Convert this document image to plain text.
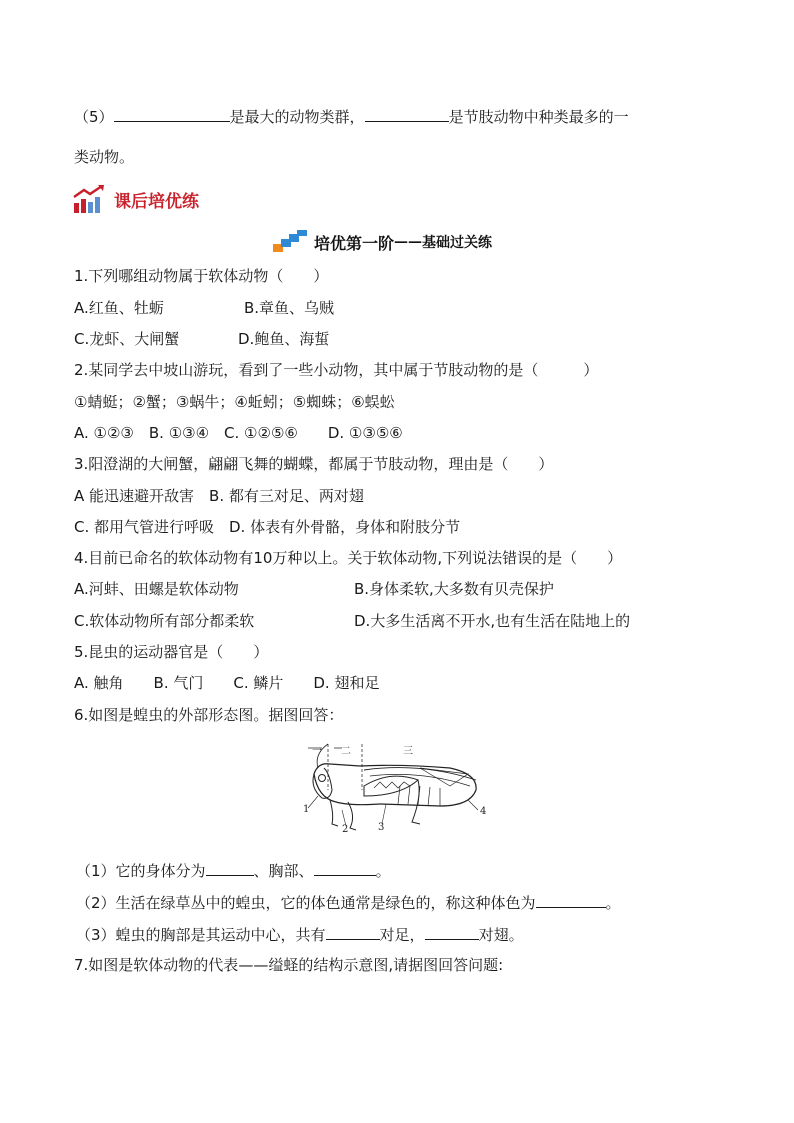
（5）	是最大的动物类群，	是节肢动物中种类最多的一
类动物。
课后培优练
培优第一阶 —— 基础过关练
1.下列哪组动物属于软体动物（　　）
A.红鱼、牡蛎	B.章鱼、乌贼
C.龙虾、大闸蟹	D.鲍鱼、海蜇
2.某同学去中坡山游玩，看到了一些小动物，其中属于节肢动物的是（　　　）
①蜻蜓；②蟹；③蜗牛；④蚯蚓；⑤蜘蛛；⑥蜈蚣
A. ①②③　B. ①③④　C. ①②⑤⑥　　D. ①③⑤⑥
3.阳澄湖的大闸蟹，翩翩飞舞的蝴蝶，都属于节肢动物，理由是（　　）
A 能迅速避开敌害　B. 都有三对足、两对翅
C. 都用气管进行呼吸　D. 体表有外骨骼，身体和附肢分节
4.目前已命名的软体动物有10万种以上。关于软体动物,下列说法错误的是（　　）
A.河蚌、田螺是软体动物	B.身体柔软,大多数有贝壳保护
C.软体动物所有部分都柔软	D.大多生活离不开水,也有生活在陆地上的
5.昆虫的运动器官是（　　）
A. 触角　　B. 气门　　C. 鳞片　　D. 翅和足
6.如图是蝗虫的外部形态图。据图回答：
一 二	三
1
2	3
4
（1）它的身体分为	、胸部、	。
（2）生活在绿草丛中的蝗虫，它的体色通常是绿色的，称这种体色为	。
（3）蝗虫的胸部是其运动中心，共有	对足，	对翅。
7.如图是软体动物的代表——缢蛏的结构示意图,请据图回答问题:
